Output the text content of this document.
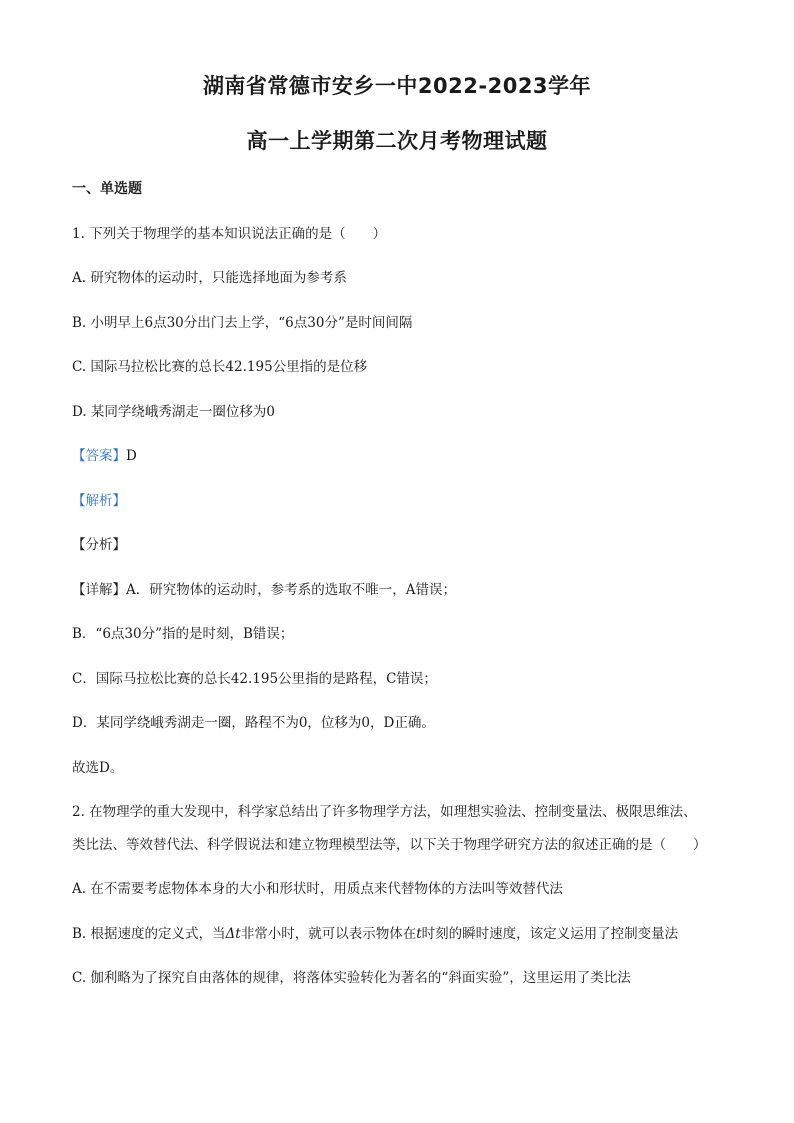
湖南省常德市安乡一中2022-2023学年
高一上学期第二次月考物理试题
一、单选题
1. 下列关于物理学的基本知识说法正确的是（　　）
A. 研究物体的运动时，只能选择地面为参考系
B. 小明早上6点30分出门去上学，“6点30分”是时间间隔
C. 国际马拉松比赛的总长42.195公里指的是位移
D. 某同学绕峨秀湖走一圈位移为0
【答案】D
【解析】
【分析】
【详解】A．研究物体的运动时，参考系的选取不唯一，A错误；
B．“6点30分”指的是时刻，B错误；
C．国际马拉松比赛的总长42.195公里指的是路程，C错误；
D．某同学绕峨秀湖走一圈，路程不为0，位移为0，D正确。
故选D。
2. 在物理学的重大发现中，科学家总结出了许多物理学方法，如理想实验法、控制变量法、极限思维法、
类比法、等效替代法、科学假说法和建立物理模型法等，以下关于物理学研究方法的叙述正确的是（　　）
A. 在不需要考虑物体本身的大小和形状时，用质点来代替物体的方法叫等效替代法
B. 根据速度的定义式，当Δt非常小时，就可以表示物体在t时刻的瞬时速度，该定义运用了控制变量法
C. 伽利略为了探究自由落体的规律，将落体实验转化为著名的“斜面实验”，这里运用了类比法
